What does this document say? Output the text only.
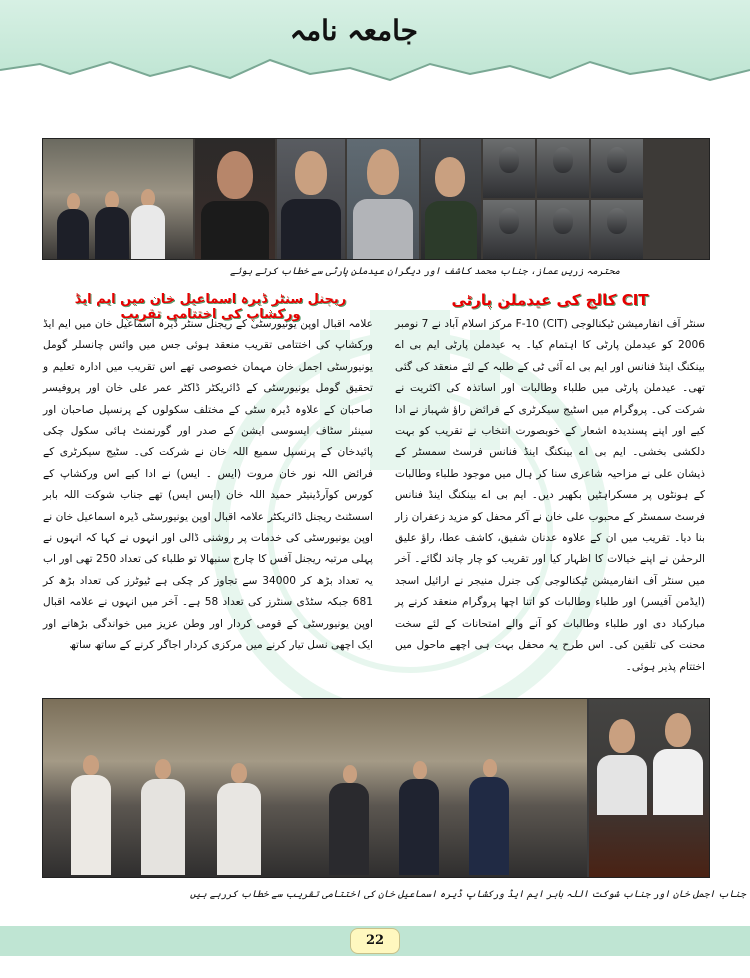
جامعہ نامہ
محترمہ زریں عماز، جناب محمد کاشف اور دیگران عیدملن پارٹی سے خطاب کرتے ہوئے
CIT کالج کی عیدملن پارٹی
سنٹر آف انفارمیشن ٹیکنالوجی (CIT) F-10 مرکز اسلام آباد نے 7 نومبر 2006 کو عیدملن پارٹی کا اہتمام کیا۔ یہ عیدملن پارٹی ایم بی اے بینکنگ اینڈ فنانس اور ایم بی اے آئی ٹی کے طلبہ کے لئے منعقد کی گئی تھی۔ عیدملن پارٹی میں طلباء وطالبات اور اساتذہ کی اکثریت نے شرکت کی۔ پروگرام میں اسٹیج سیکرٹری کے فرائض راؤ شہباز نے ادا کیے اور اپنے پسندیدہ اشعار کے خوبصورت انتخاب نے تقریب کو بہت دلکشی بخشی۔ ایم بی اے بینکنگ اینڈ فنانس فرسٹ سمسٹر کے ذیشان علی نے مزاحیہ شاعری سنا کر ہال میں موجود طلباء وطالبات کے ہونٹوں پر مسکراہٹیں بکھیر دیں۔ ایم بی اے بینکنگ اینڈ فنانس فرسٹ سمسٹر کے محبوب علی خان نے آکر محفل کو مزید زعفران زار بنا دیا۔ تقریب میں ان کے علاوہ عدنان شفیق، کاشف عطا، راؤ علیق الرحمٰن نے اپنے خیالات کا اظہار کیا اور تقریب کو چار چاند لگائے۔ آخر میں سنٹر آف انفارمیشن ٹیکنالوجی کی جنرل منیجر نے ارائیل اسجد (ایڈمن آفیسر) اور طلباء وطالبات کو اتنا اچھا پروگرام منعقد کرنے پر مبارکباد دی اور طلباء وطالبات کو آنے والے امتحانات کے لئے سخت محنت کی تلقین کی۔ اس طرح یہ محفل بہت ہی اچھے ماحول میں اختتام پذیر ہوئی۔
ریجنل سنٹر ڈیرہ اسماعیل خان میں ایم ایڈ ورکشاپ کی اختتامی تقریب
علامہ اقبال اوپن یونیورسٹی کے ریجنل سنٹر ڈیرہ اسماعیل خان میں ایم ایڈ ورکشاپ کی اختتامی تقریب منعقد ہوئی جس میں وائس چانسلر گومل یونیورسٹی اجمل خان مہمان خصوصی تھے اس تقریب میں ادارہ تعلیم و تحقیق گومل یونیورسٹی کے ڈائریکٹر ڈاکٹر عمر علی خان اور پروفیسر صاحبان کے علاوہ ڈیرہ سٹی کے مختلف سکولوں کے پرنسپل صاحبان اور سینئر سٹاف ایسوسی ایشن کے صدر اور گورنمنٹ ہائی سکول چکی پائیدخان کے پرنسپل سمیع اللہ خان نے شرکت کی۔ سٹیج سیکرٹری کے فرائض اللہ نور خان مروت (ایس ۔ ایس) نے ادا کیے اس ورکشاپ کے کورس کوآرڈینیٹر حمید اللہ خان (ایس ایس) تھے جناب شوکت اللہ بابر اسسٹنٹ ریجنل ڈائریکٹر علامہ اقبال اوپن یونیورسٹی ڈیرہ اسماعیل خان نے اوپن یونیورسٹی کی خدمات پر روشنی ڈالی اور انہوں نے کہا کہ انہوں نے پہلی مرتبہ ریجنل آفس کا چارج سنبھالا تو طلباء کی تعداد 250 تھی اور اب یہ تعداد بڑھ کر 34000 سے تجاوز کر چکی ہے ٹیوٹرز کی تعداد بڑھ کر 681 جبکہ سٹڈی سنٹرز کی تعداد 58 ہے۔ آخر میں انہوں نے علامہ اقبال اوپن یونیورسٹی کے قومی کردار اور وطن عزیز میں خواندگی بڑھانے اور ایک اچھی نسل تیار کرنے میں مرکزی کردار اجاگر کرنے کے ساتھ ساتھ
جناب اجمل خان اور جناب شوکت اللہ بابر ایم ایڈ ورکشاپ ڈیرہ اسماعیل خان کی اختتامی تقریب سے خطاب کررہے ہیں
22
